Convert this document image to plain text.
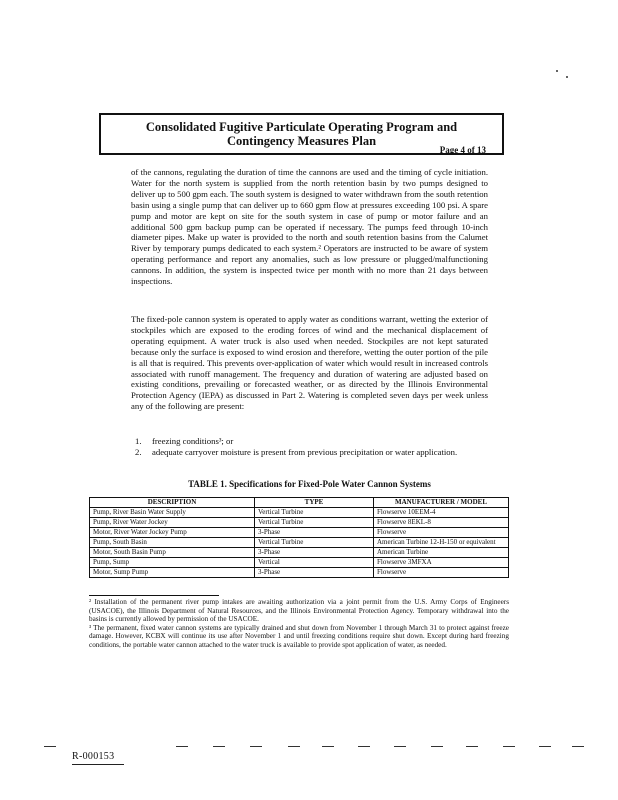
Consolidated Fugitive Particulate Operating Program and
Contingency Measures Plan
Page 4 of 13
of the cannons, regulating the duration of time the cannons are used and the timing of cycle initiation. Water for the north system is supplied from the north retention basin by two pumps designed to deliver up to 500 gpm each. The south system is designed to water withdrawn from the south retention basin using a single pump that can deliver up to 660 gpm flow at pressures exceeding 100 psi. A spare pump and motor are kept on site for the south system in case of pump or motor failure and an additional 500 gpm backup pump can be operated if necessary. The pumps feed through 10-inch diameter pipes. Make up water is provided to the north and south retention basins from the Calumet River by temporary pumps dedicated to each system.² Operators are instructed to be aware of system operating performance and report any anomalies, such as low pressure or plugged/malfunctioning cannons. In addition, the system is inspected twice per month with no more than 21 days between inspections.
The fixed-pole cannon system is operated to apply water as conditions warrant, wetting the exterior of stockpiles which are exposed to the eroding forces of wind and the mechanical displacement of operating equipment. A water truck is also used when needed. Stockpiles are not kept saturated because only the surface is exposed to wind erosion and therefore, wetting the outer portion of the pile is all that is required. This prevents over-application of water which would result in increased controls associated with runoff management. The frequency and duration of watering are adjusted based on existing conditions, prevailing or forecasted weather, or as directed by the Illinois Environmental Protection Agency (IEPA) as discussed in Part 2. Watering is completed seven days per week unless any of the following are present:
1.	freezing conditions³; or
2.	adequate carryover moisture is present from previous precipitation or water application.
TABLE 1. Specifications for Fixed-Pole Water Cannon Systems
DESCRIPTION	TYPE	MANUFACTURER / MODEL
Pump, River Basin Water Supply	Vertical Turbine	Flowserve 10EEM-4
Pump, River Water Jockey	Vertical Turbine	Flowserve 8EKL-8
Motor, River Water Jockey Pump	3-Phase	Flowserve
Pump, South Basin	Vertical Turbine	American Turbine 12-H-150 or equivalent
Motor, South Basin Pump	3-Phase	American Turbine
Pump, Sump	Vertical	Flowserve 3MFXA
Motor, Sump Pump	3-Phase	Flowserve
² Installation of the permanent river pump intakes are awaiting authorization via a joint permit from the U.S. Army Corps of Engineers (USACOE), the Illinois Department of Natural Resources, and the Illinois Environmental Protection Agency. Temporary withdrawal into the basins is currently allowed by permission of the USACOE.
³ The permanent, fixed water cannon systems are typically drained and shut down from November 1 through March 31 to protect against freeze damage. However, KCBX will continue its use after November 1 and until freezing conditions require shut down. Except during hard freezing conditions, the portable water cannon attached to the water truck is available to provide spot application of water, as needed.
R-000153
